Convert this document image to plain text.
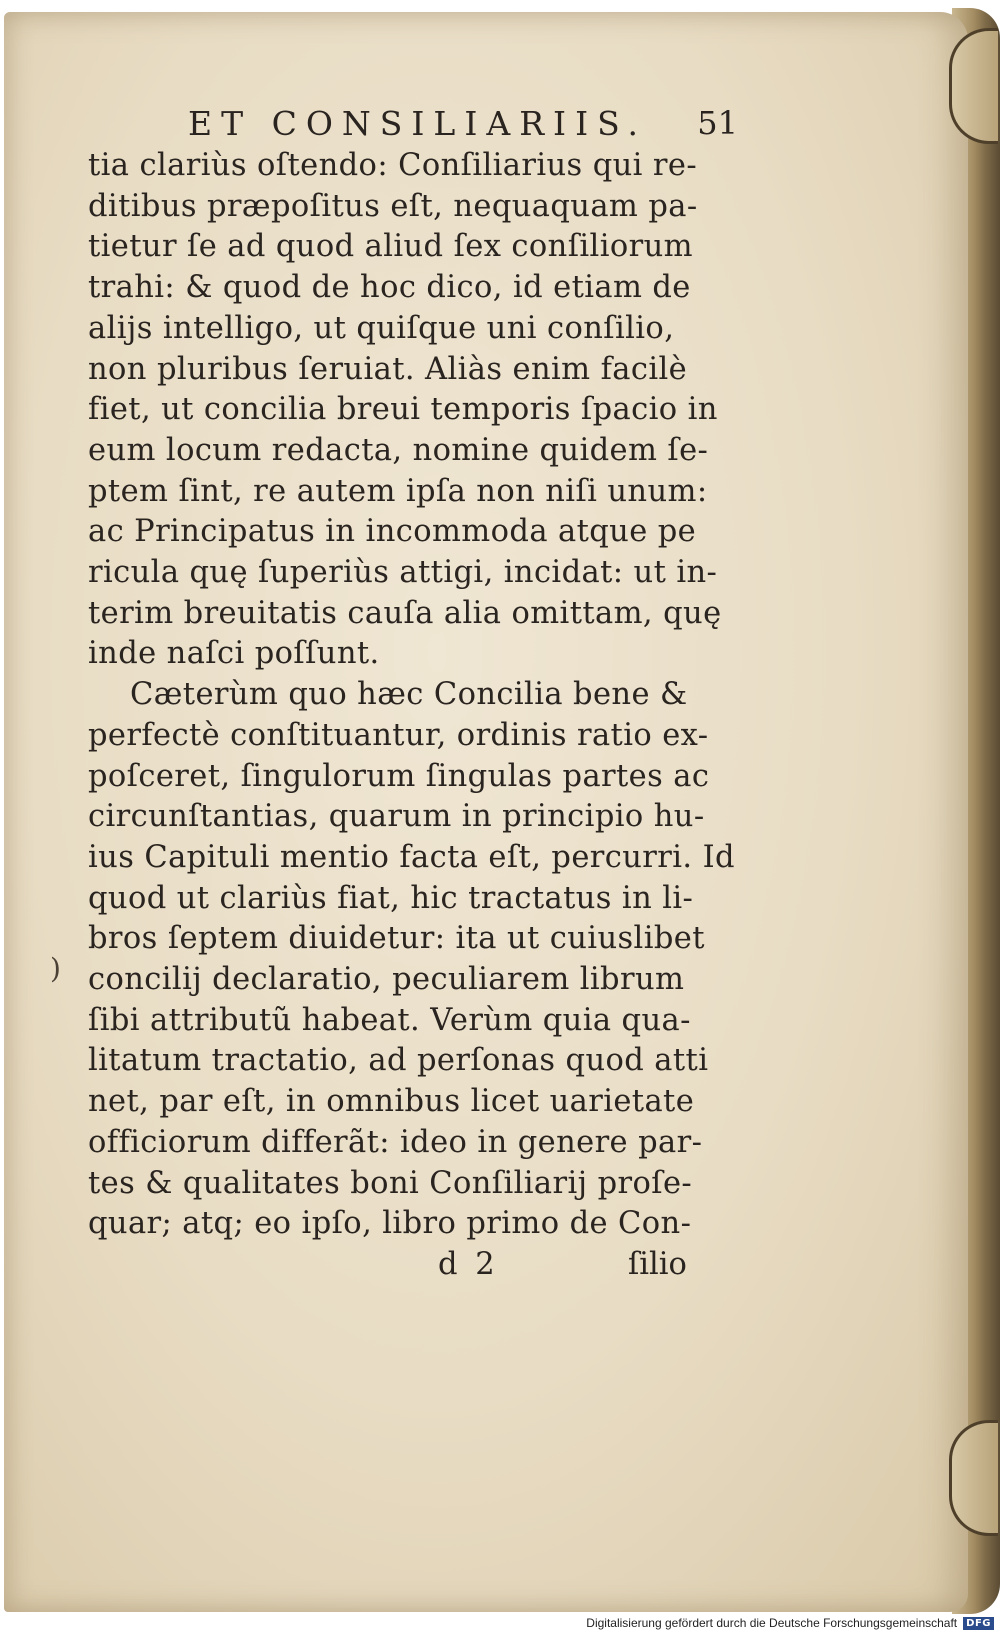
)
ET CONSILIARIIS. 51
tia clariùs oſtendo: Conſiliarius qui re-
ditibus præpoſitus eſt, nequaquam pa-
tietur ſe ad quod aliud ſex conſiliorum
trahi: & quod de hoc dico, id etiam de
alijs intelligo, ut quiſque uni conſilio,
non pluribus ſeruiat. Aliàs enim facilè
fiet, ut concilia breui temporis ſpacio in
eum locum redacta, nomine quidem ſe-
ptem ſint, re autem ipſa non niſi unum:
ac Principatus in incommoda atque pe
ricula quę ſuperiùs attigi, incidat: ut in-
terim breuitatis cauſa alia omittam, quę
inde naſci poſſunt.
Cæterùm quo hæc Concilia bene &
perfectè conſtituantur, ordinis ratio ex-
poſceret, ſingulorum ſingulas partes ac
circunſtantias, quarum in principio hu-
ius Capituli mentio facta eſt, percurri. Id
quod ut clariùs fiat, hic tractatus in li-
bros ſeptem diuidetur: ita ut cuiuslibet
concilij declaratio, peculiarem librum
ſibi attributũ habeat. Verùm quia qua-
litatum tractatio, ad perſonas quod atti
net, par eſt, in omnibus licet uarietate
officiorum differãt: ideo in genere par-
tes & qualitates boni Conſiliarij proſe-
quar; atq; eo ipſo, libro primo de Con-
d 2	ſilio
Digitalisierung gefördert durch die Deutsche Forschungsgemeinschaft DFG
